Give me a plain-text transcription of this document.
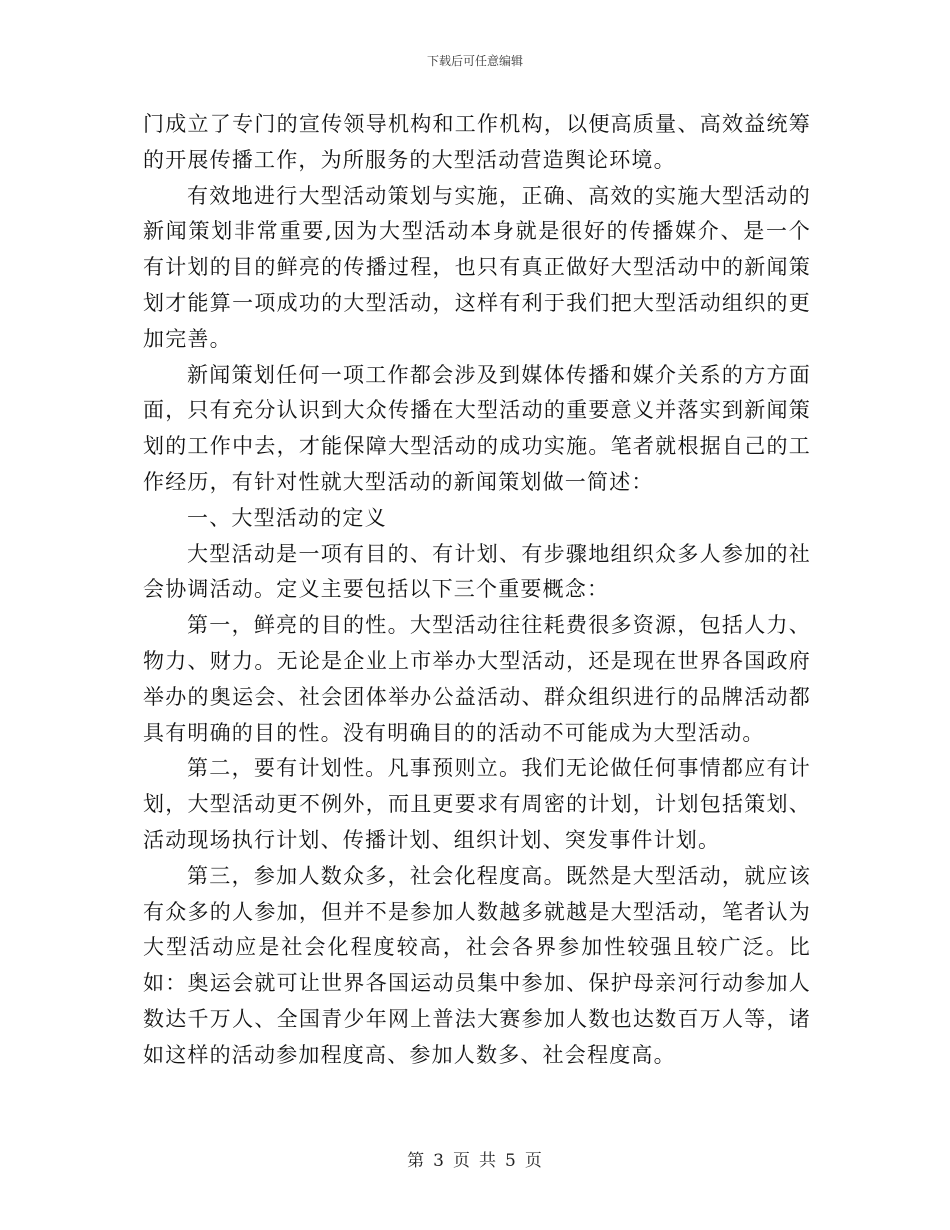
下载后可任意编辑

门成立了专门的宣传领导机构和工作机构，以便高质量、高效益统筹的开展传播工作，为所服务的大型活动营造舆论环境。

有效地进行大型活动策划与实施，正确、高效的实施大型活动的新闻策划非常重要,因为大型活动本身就是很好的传播媒介、是一个有计划的目的鲜亮的传播过程，也只有真正做好大型活动中的新闻策划才能算一项成功的大型活动，这样有利于我们把大型活动组织的更加完善。

新闻策划任何一项工作都会涉及到媒体传播和媒介关系的方方面面，只有充分认识到大众传播在大型活动的重要意义并落实到新闻策划的工作中去，才能保障大型活动的成功实施。笔者就根据自己的工作经历，有针对性就大型活动的新闻策划做一简述：

一、大型活动的定义

大型活动是一项有目的、有计划、有步骤地组织众多人参加的社会协调活动。定义主要包括以下三个重要概念：

第一，鲜亮的目的性。大型活动往往耗费很多资源，包括人力、物力、财力。无论是企业上市举办大型活动，还是现在世界各国政府举办的奥运会、社会团体举办公益活动、群众组织进行的品牌活动都具有明确的目的性。没有明确目的的活动不可能成为大型活动。

第二，要有计划性。凡事预则立。我们无论做任何事情都应有计划，大型活动更不例外，而且更要求有周密的计划，计划包括策划、活动现场执行计划、传播计划、组织计划、突发事件计划。

第三，参加人数众多，社会化程度高。既然是大型活动，就应该有众多的人参加，但并不是参加人数越多就越是大型活动，笔者认为大型活动应是社会化程度较高，社会各界参加性较强且较广泛。比如：奥运会就可让世界各国运动员集中参加、保护母亲河行动参加人数达千万人、全国青少年网上普法大赛参加人数也达数百万人等，诸如这样的活动参加程度高、参加人数多、社会程度高。

第 3 页 共 5 页
